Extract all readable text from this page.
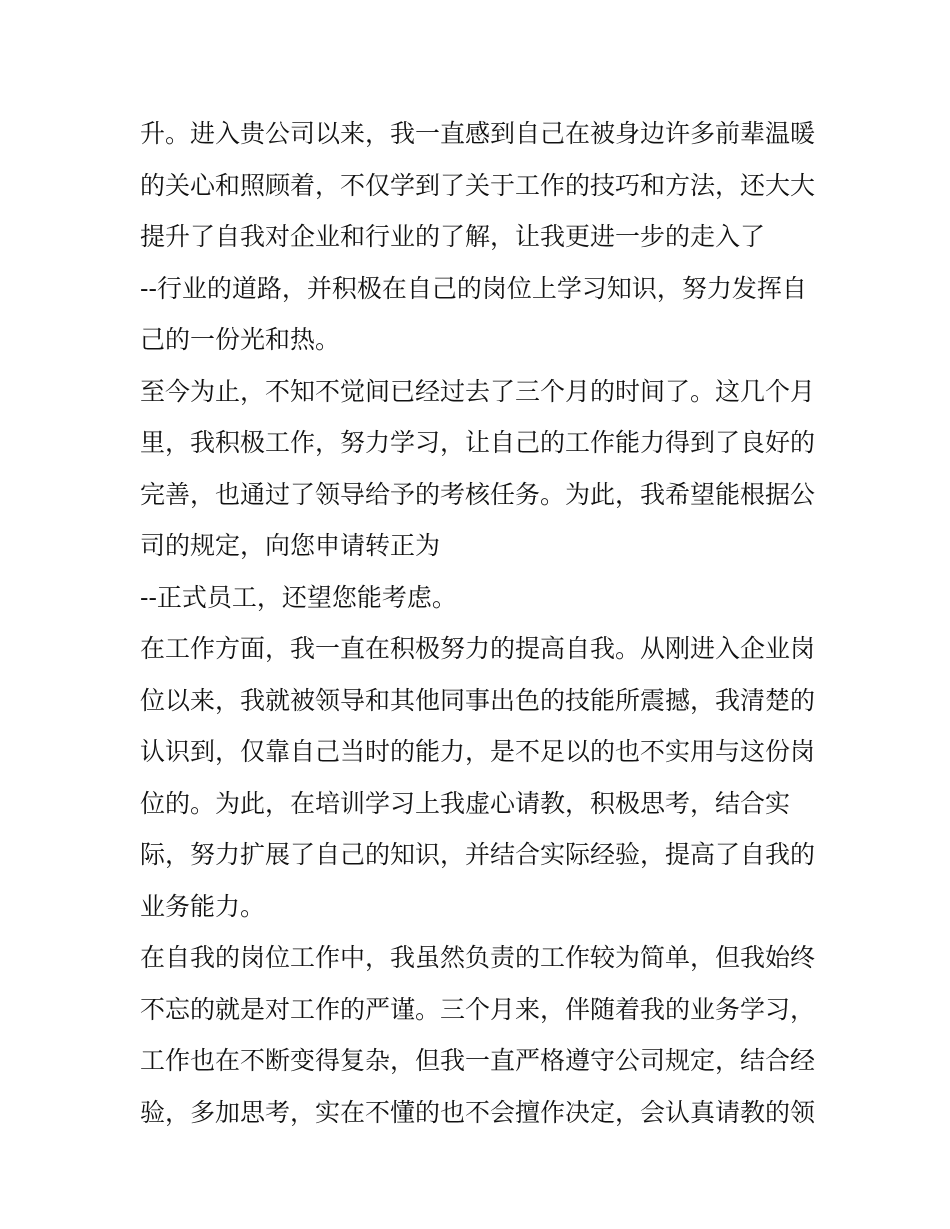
升。进入贵公司以来，我一直感到自己在被身边许多前辈温暖
的关心和照顾着，不仅学到了关于工作的技巧和方法，还大大
提升了自我对企业和行业的了解，让我更进一步的走入了
--行业的道路，并积极在自己的岗位上学习知识，努力发挥自
己的一份光和热。
至今为止，不知不觉间已经过去了三个月的时间了。这几个月
里，我积极工作，努力学习，让自己的工作能力得到了良好的
完善，也通过了领导给予的考核任务。为此，我希望能根据公
司的规定，向您申请转正为
--正式员工，还望您能考虑。
在工作方面，我一直在积极努力的提高自我。从刚进入企业岗
位以来，我就被领导和其他同事出色的技能所震撼，我清楚的
认识到，仅靠自己当时的能力，是不足以的也不实用与这份岗
位的。为此，在培训学习上我虚心请教，积极思考，结合实
际，努力扩展了自己的知识，并结合实际经验，提高了自我的
业务能力。
在自我的岗位工作中，我虽然负责的工作较为简单，但我始终
不忘的就是对工作的严谨。三个月来，伴随着我的业务学习，
工作也在不断变得复杂，但我一直严格遵守公司规定，结合经
验，多加思考，实在不懂的也不会擅作决定，会认真请教的领
